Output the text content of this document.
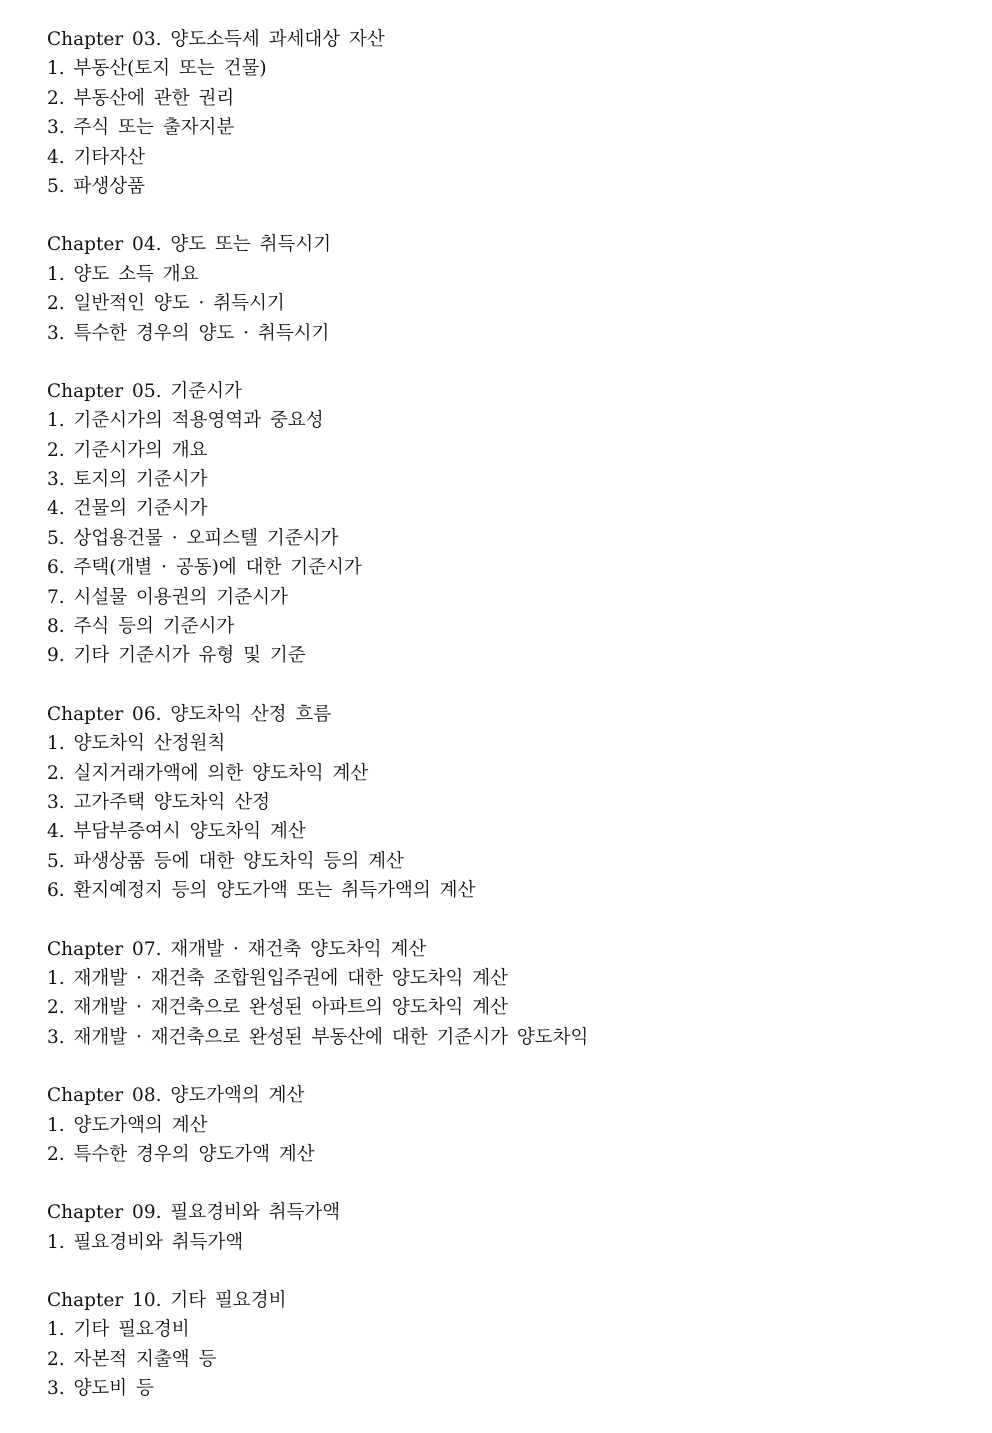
Chapter 03. 양도소득세 과세대상 자산
1. 부동산(토지 또는 건물)
2. 부동산에 관한 권리
3. 주식 또는 출자지분
4. 기타자산
5. 파생상품
Chapter 04. 양도 또는 취득시기
1. 양도 소득 개요
2. 일반적인 양도 · 취득시기
3. 특수한 경우의 양도 · 취득시기
Chapter 05. 기준시가
1. 기준시가의 적용영역과 중요성
2. 기준시가의 개요
3. 토지의 기준시가
4. 건물의 기준시가
5. 상업용건물 · 오피스텔 기준시가
6. 주택(개별 · 공동)에 대한 기준시가
7. 시설물 이용권의 기준시가
8. 주식 등의 기준시가
9. 기타 기준시가 유형 및 기준
Chapter 06. 양도차익 산정 흐름
1. 양도차익 산정원칙
2. 실지거래가액에 의한 양도차익 계산
3. 고가주택 양도차익 산정
4. 부담부증여시 양도차익 계산
5. 파생상품 등에 대한 양도차익 등의 계산
6. 환지예정지 등의 양도가액 또는 취득가액의 계산
Chapter 07. 재개발 · 재건축 양도차익 계산
1. 재개발 · 재건축 조합원입주권에 대한 양도차익 계산
2. 재개발 · 재건축으로 완성된 아파트의 양도차익 계산
3. 재개발 · 재건축으로 완성된 부동산에 대한 기준시가 양도차익
Chapter 08. 양도가액의 계산
1. 양도가액의 계산
2. 특수한 경우의 양도가액 계산
Chapter 09. 필요경비와 취득가액
1. 필요경비와 취득가액
Chapter 10. 기타 필요경비
1. 기타 필요경비
2. 자본적 지출액 등
3. 양도비 등
